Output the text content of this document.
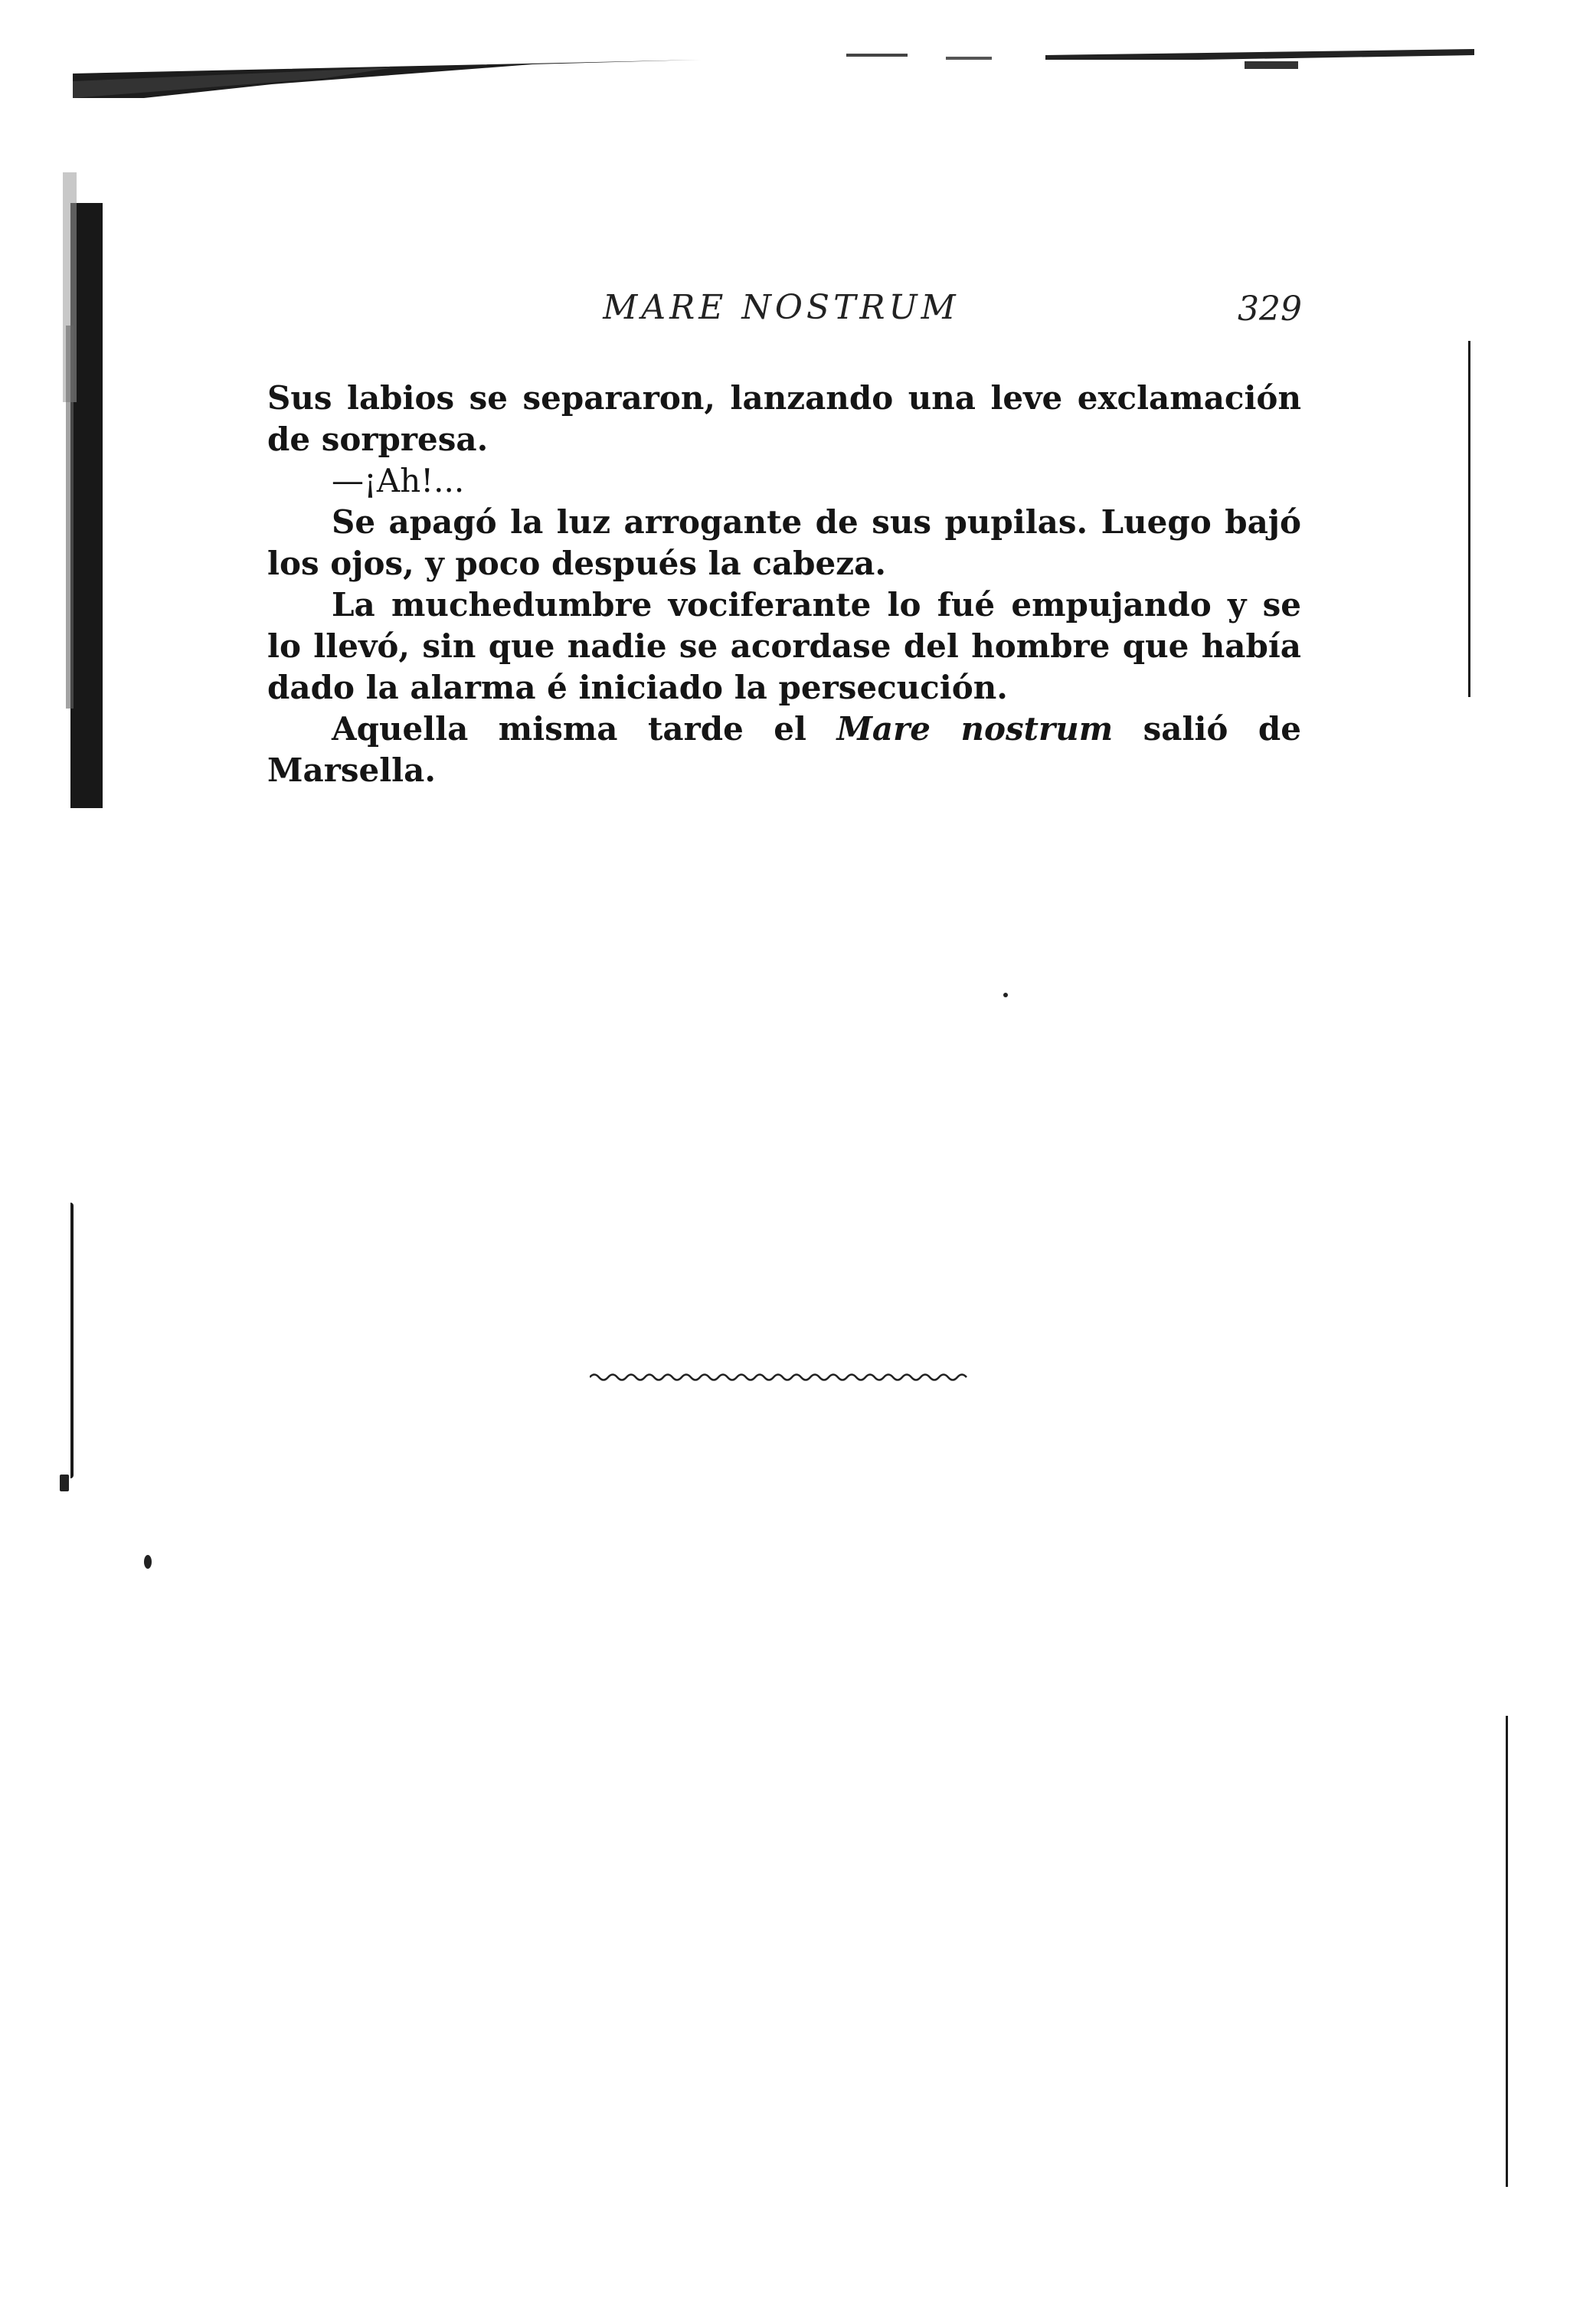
MARE NOSTRUM	329

Sus labios se separaron, lanzando una leve exclamación de sorpresa.

—¡Ah!...

Se apagó la luz arrogante de sus pupilas. Luego bajó los ojos, y poco después la cabeza.

La muchedumbre vociferante lo fué empujando y se lo llevó, sin que nadie se acordase del hombre que había dado la alarma é iniciado la persecución.

Aquella misma tarde el Mare nostrum salió de Marsella.
